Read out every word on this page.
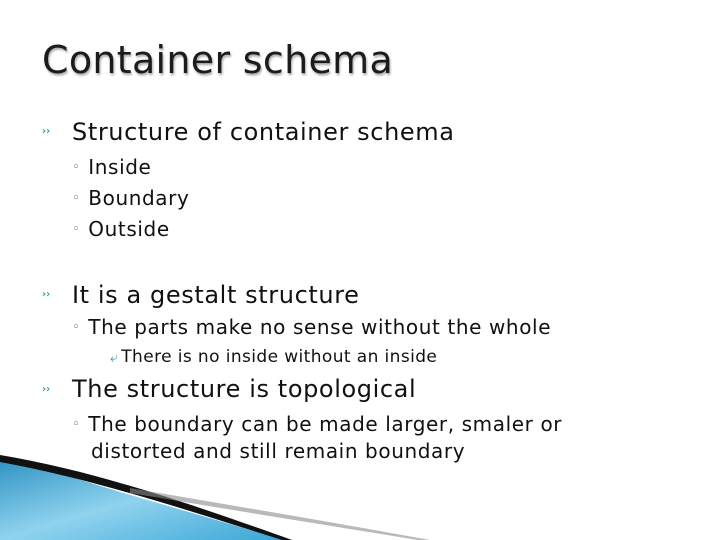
Container schema
›› Structure of container schema
◦ Inside
◦ Boundary
◦ Outside
›› It is a gestalt structure
◦ The parts make no sense without the whole
⤶ There is no inside without an inside
›› The structure is topological
◦ The boundary can be made larger, smaler or
distorted and still remain boundary
